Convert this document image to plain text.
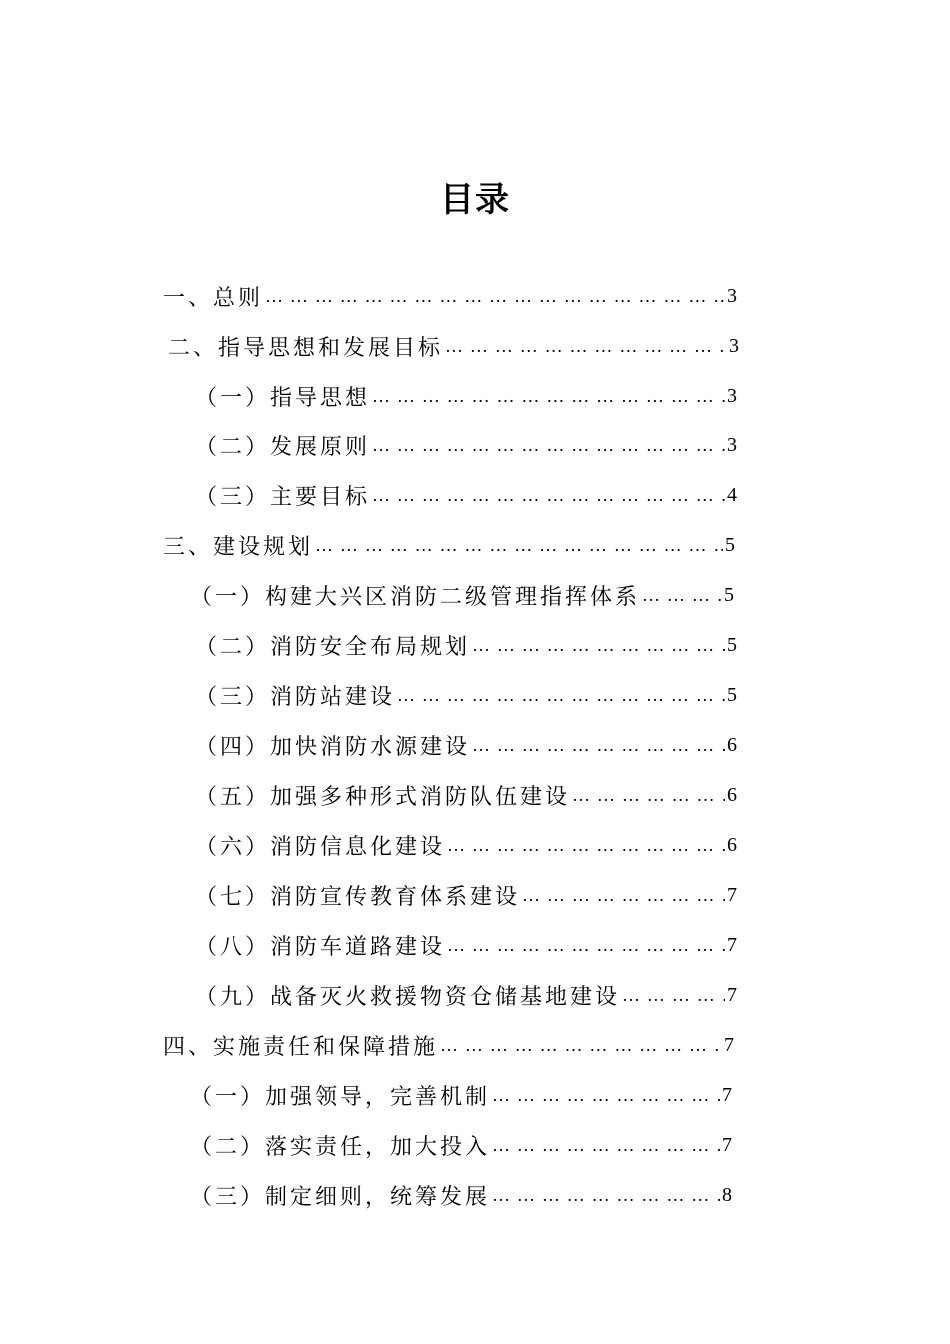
目录
一、总则 … … … … … … … … … … … … … … … … … … … … … … … … … … … … … … … … … … … … … … … … …	3
二、指导思想和发展目标 … … … … … … … … … … … … … … … … … … … … … … … … … … … … … … … … … … … … … … … … …	3
（一）指导思想 … … … … … … … … … … … … … … … … … … … … … … … … … … … … … … … … … … … … … … … … …	3
（二）发展原则 … … … … … … … … … … … … … … … … … … … … … … … … … … … … … … … … … … … … … … … … …	3
（三）主要目标 … … … … … … … … … … … … … … … … … … … … … … … … … … … … … … … … … … … … … … … … …	4
三、建设规划 … … … … … … … … … … … … … … … … … … … … … … … … … … … … … … … … … … … … … … … … …	5
（一）构建大兴区消防二级管理指挥体系 … … … … … … … … … … … … … … … … … … … … … … … … … … … … … … … … … … … … … … … … …	5
（二）消防安全布局规划 … … … … … … … … … … … … … … … … … … … … … … … … … … … … … … … … … … … … … … … … …	5
（三）消防站建设 … … … … … … … … … … … … … … … … … … … … … … … … … … … … … … … … … … … … … … … … …	5
（四）加快消防水源建设 … … … … … … … … … … … … … … … … … … … … … … … … … … … … … … … … … … … … … … … … …	6
（五）加强多种形式消防队伍建设 … … … … … … … … … … … … … … … … … … … … … … … … … … … … … … … … … … … … … … … … …	6
（六）消防信息化建设 … … … … … … … … … … … … … … … … … … … … … … … … … … … … … … … … … … … … … … … … …	6
（七）消防宣传教育体系建设 … … … … … … … … … … … … … … … … … … … … … … … … … … … … … … … … … … … … … … … … …	7
（八）消防车道路建设 … … … … … … … … … … … … … … … … … … … … … … … … … … … … … … … … … … … … … … … … …	7
（九）战备灭火救援物资仓储基地建设 … … … … … … … … … … … … … … … … … … … … … … … … … … … … … … … … … … … … … … … … …	7
四、实施责任和保障措施 … … … … … … … … … … … … … … … … … … … … … … … … … … … … … … … … … … … … … … … … …	7
（一）加强领导，完善机制 … … … … … … … … … … … … … … … … … … … … … … … … … … … … … … … … … … … … … … … … …	7
（二）落实责任，加大投入 … … … … … … … … … … … … … … … … … … … … … … … … … … … … … … … … … … … … … … … … …	7
（三）制定细则，统筹发展 … … … … … … … … … … … … … … … … … … … … … … … … … … … … … … … … … … … … … … … … …	8
